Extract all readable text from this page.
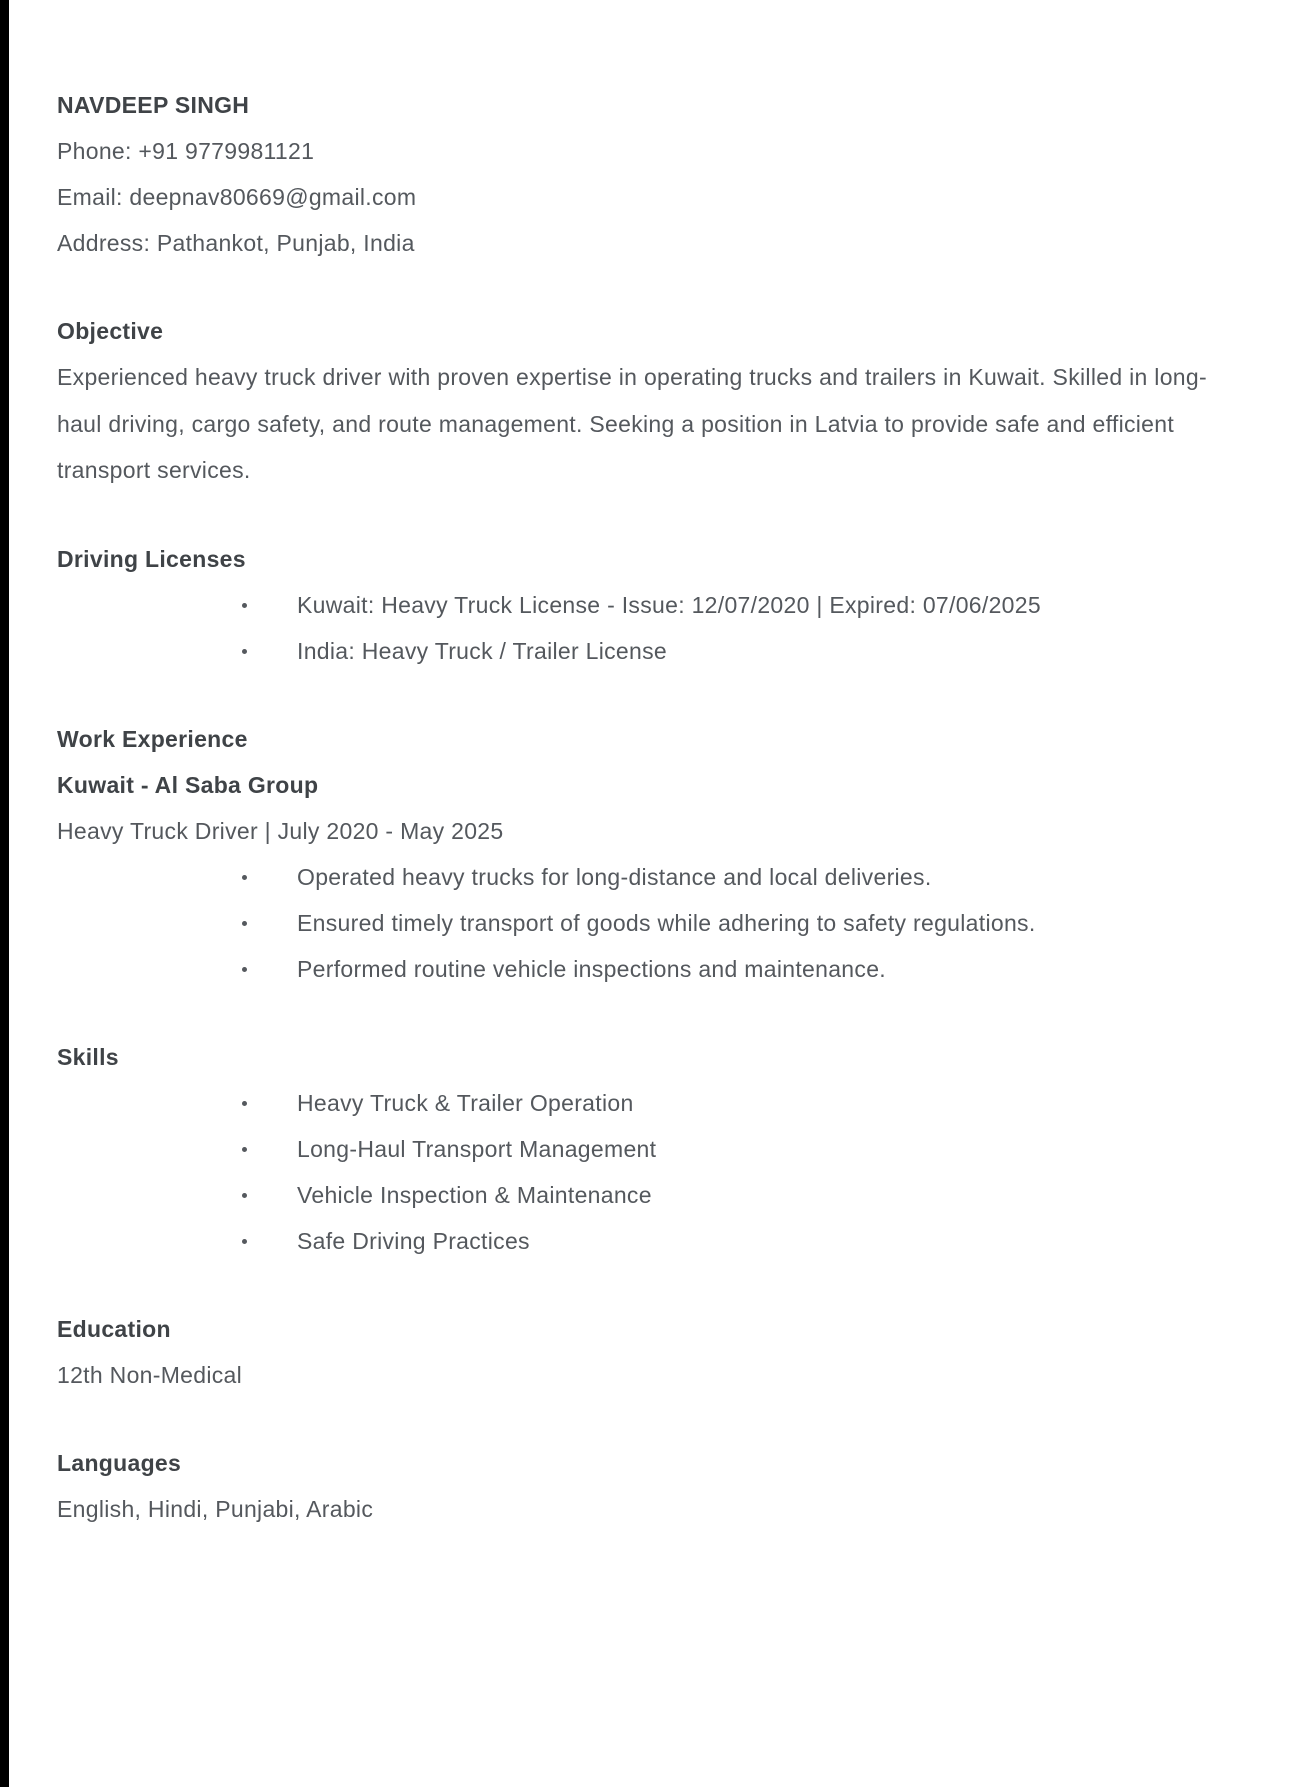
NAVDEEP SINGH
Phone: +91 9779981121
Email: deepnav80669@gmail.com
Address: Pathankot, Punjab, India
Objective
Experienced heavy truck driver with proven expertise in operating trucks and trailers in Kuwait. Skilled in long-haul driving, cargo safety, and route management. Seeking a position in Latvia to provide safe and efficient transport services.
Driving Licenses
Kuwait: Heavy Truck License - Issue: 12/07/2020 | Expired: 07/06/2025
India: Heavy Truck / Trailer License
Work Experience
Kuwait - Al Saba Group
Heavy Truck Driver | July 2020 - May 2025
Operated heavy trucks for long-distance and local deliveries.
Ensured timely transport of goods while adhering to safety regulations.
Performed routine vehicle inspections and maintenance.
Skills
Heavy Truck & Trailer Operation
Long-Haul Transport Management
Vehicle Inspection & Maintenance
Safe Driving Practices
Education
12th Non-Medical
Languages
English, Hindi, Punjabi, Arabic
